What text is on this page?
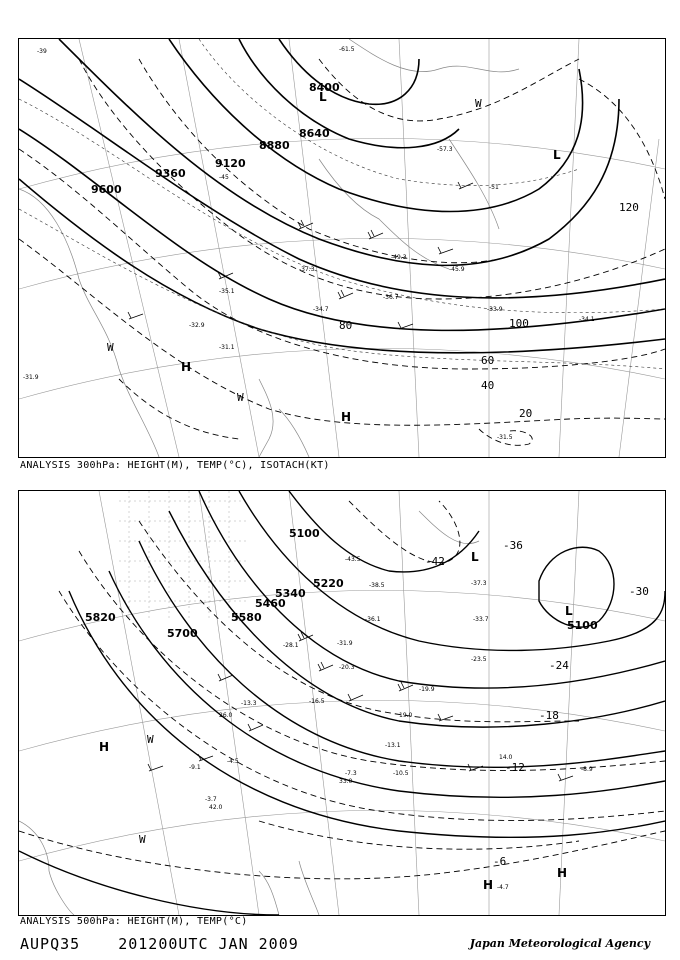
8400
8640
8880
9120
9360
9600
20
40
60
80	100
120
H
H
L
L
W
W
W
-39
-45
-51
-57.3
-49.3
-45.9
-37.3
-34.7	-33.9
-32.9
-31.1
-31.9
-61.5
-36.7
-35.1
-34.1
-31.5
ANALYSIS 300hPa: HEIGHT(M), TEMP(°C), ISOTACH(KT)
5100
5100
5220
5340
5460
5580
5700
5820
-42
-36
-30
-24
-18
-12
-6
H
H
H
L
L
W
W
-43.5
-38.5	-37.3
-36.1	-33.7
-31.9
-28.1
-23.5
-20.3
-19.9
-16.5
-13.3
-13.1
-10.5
-9.1
-7.3
-4.5
-3.7
-8.9
-4.7
14.0
19.0
26.0
33.0
42.0
ANALYSIS 500hPa: HEIGHT(M), TEMP(°C)
AUPQ35	201200UTC JAN 2009	Japan Meteorological Agency
